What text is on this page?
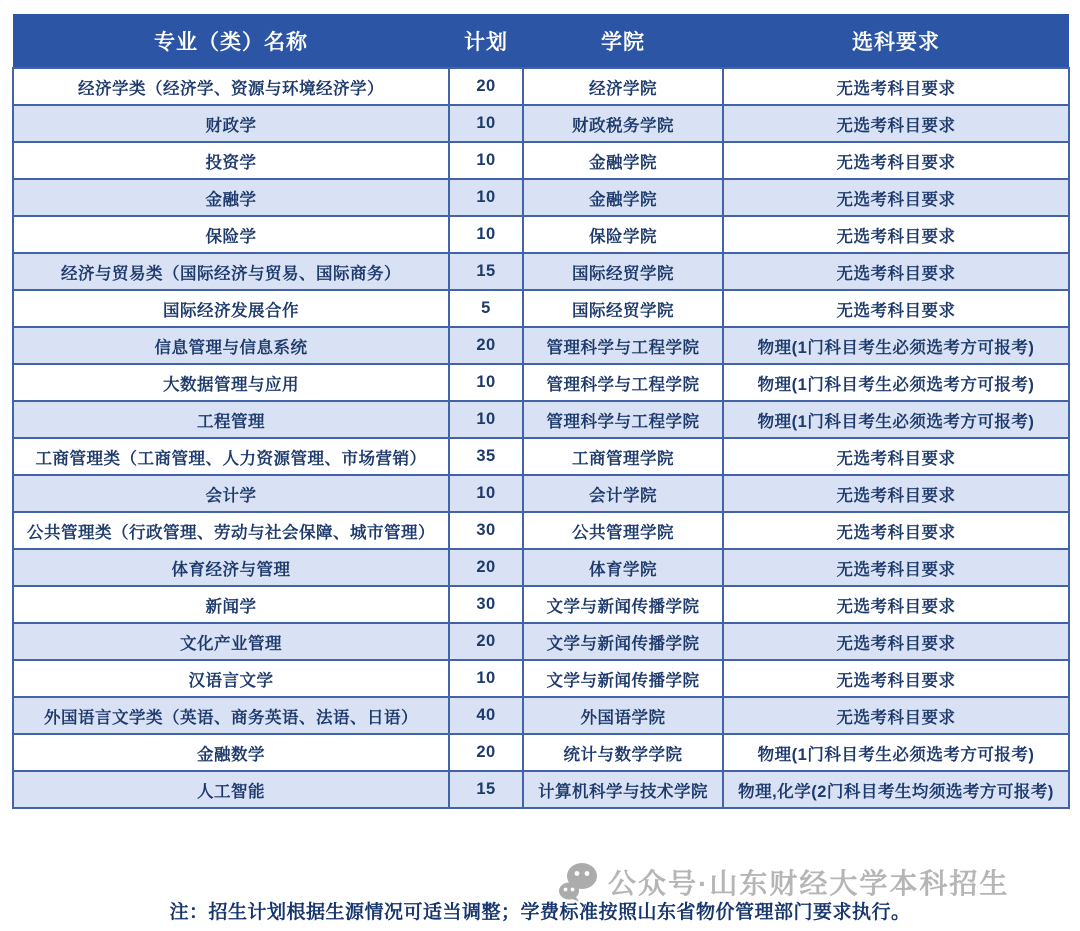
专业（类）名称	计划	学院	选科要求
经济学类（经济学、资源与环境经济学）	20	经济学院	无选考科目要求
财政学	10	财政税务学院	无选考科目要求
投资学	10	金融学院	无选考科目要求
金融学	10	金融学院	无选考科目要求
保险学	10	保险学院	无选考科目要求
经济与贸易类（国际经济与贸易、国际商务）	15	国际经贸学院	无选考科目要求
国际经济发展合作	5	国际经贸学院	无选考科目要求
信息管理与信息系统	20	管理科学与工程学院	物理(1门科目考生必须选考方可报考)
大数据管理与应用	10	管理科学与工程学院	物理(1门科目考生必须选考方可报考)
工程管理	10	管理科学与工程学院	物理(1门科目考生必须选考方可报考)
工商管理类（工商管理、人力资源管理、市场营销）	35	工商管理学院	无选考科目要求
会计学	10	会计学院	无选考科目要求
公共管理类（行政管理、劳动与社会保障、城市管理）	30	公共管理学院	无选考科目要求
体育经济与管理	20	体育学院	无选考科目要求
新闻学	30	文学与新闻传播学院	无选考科目要求
文化产业管理	20	文学与新闻传播学院	无选考科目要求
汉语言文学	10	文学与新闻传播学院	无选考科目要求
外国语言文学类（英语、商务英语、法语、日语）	40	外国语学院	无选考科目要求
金融数学	20	统计与数学学院	物理(1门科目考生必须选考方可报考)
人工智能	15	计算机科学与技术学院	物理,化学(2门科目考生均须选考方可报考)
公众号·山东财经大学本科招生
注：招生计划根据生源情况可适当调整；学费标准按照山东省物价管理部门要求执行。
